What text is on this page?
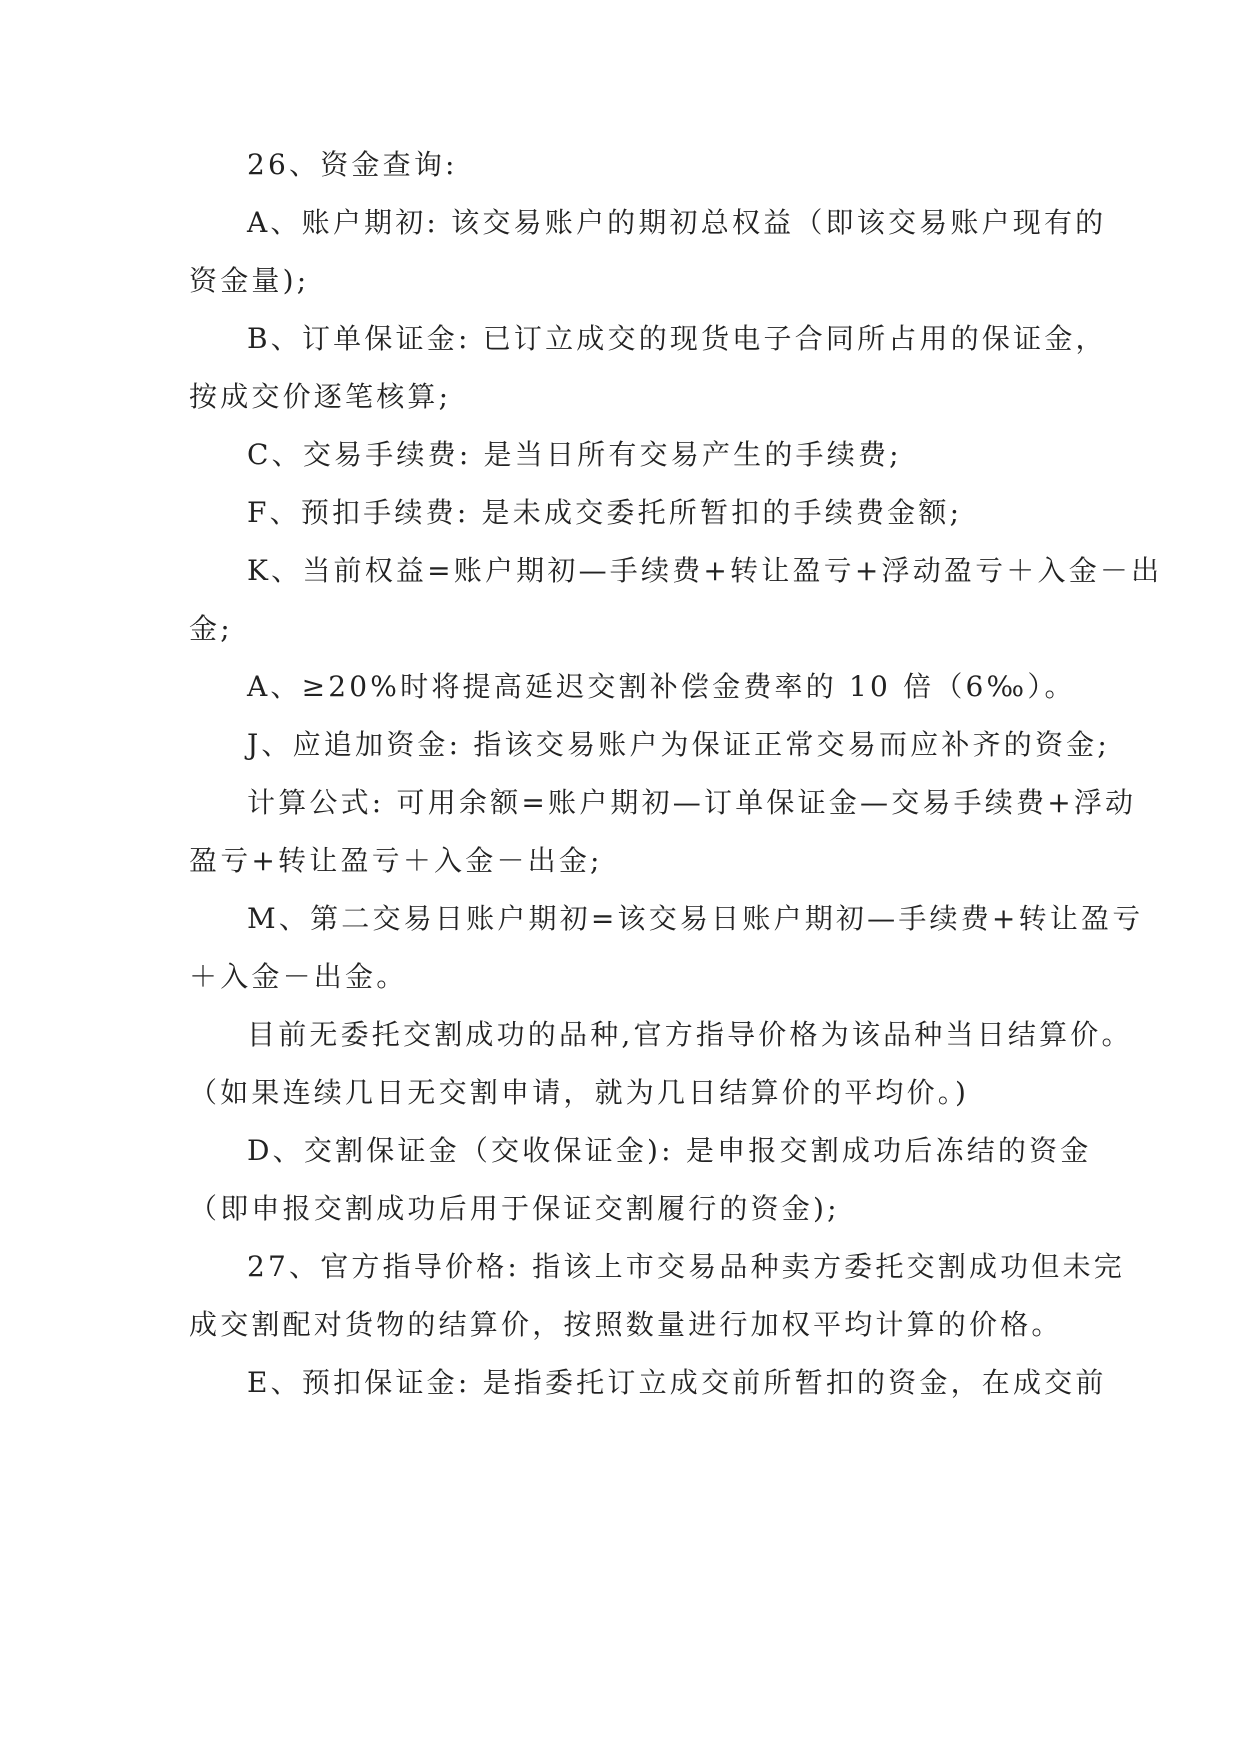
26、资金查询:
A、账户期初: 该交易账户的期初总权益（即该交易账户现有的
资金量);
B、订单保证金: 已订立成交的现货电子合同所占用的保证金，
按成交价逐笔核算;
C、交易手续费: 是当日所有交易产生的手续费;
F、预扣手续费: 是未成交委托所暂扣的手续费金额;
K、当前权益=账户期初—手续费+转让盈亏+浮动盈亏＋入金－出
金;
A、≥20%时将提高延迟交割补偿金费率的 10 倍（6‰）。
J、应追加资金: 指该交易账户为保证正常交易而应补齐的资金;
计算公式: 可用余额=账户期初—订单保证金—交易手续费+浮动
盈亏+转让盈亏＋入金－出金;
M、第二交易日账户期初=该交易日账户期初—手续费+转让盈亏
＋入金－出金。
目前无委托交割成功的品种,官方指导价格为该品种当日结算价。
（如果连续几日无交割申请，就为几日结算价的平均价。)
D、交割保证金（交收保证金): 是申报交割成功后冻结的资金
（即申报交割成功后用于保证交割履行的资金);
27、官方指导价格: 指该上市交易品种卖方委托交割成功但未完
成交割配对货物的结算价，按照数量进行加权平均计算的价格。
E、预扣保证金: 是指委托订立成交前所暂扣的资金，在成交前
